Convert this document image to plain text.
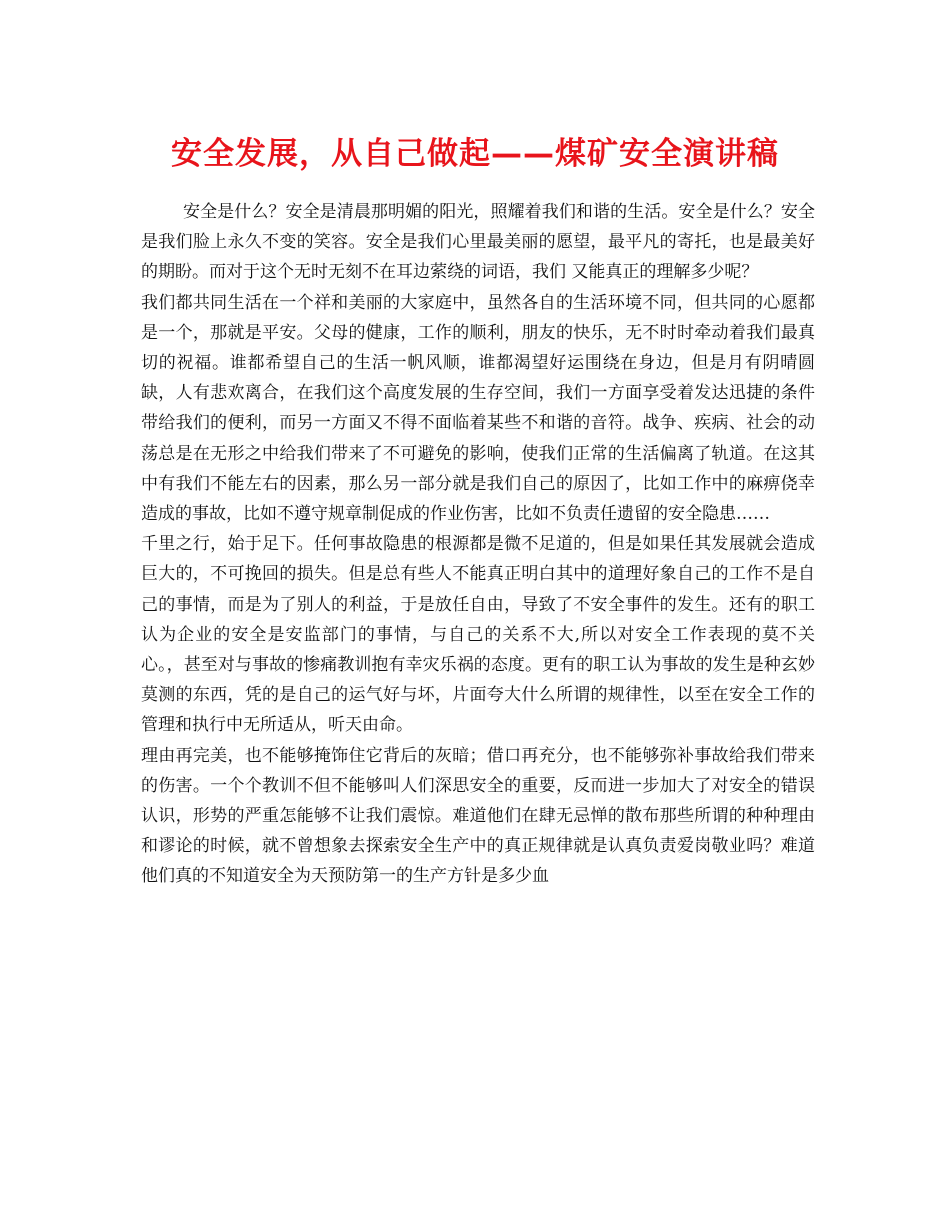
安全发展，从自己做起——煤矿安全演讲稿

安全是什么？安全是清晨那明媚的阳光，照耀着我们和谐的生活。安全是什么？安全是我们脸上永久不变的笑容。安全是我们心里最美丽的愿望，最平凡的寄托，也是最美好的期盼。而对于这个无时无刻不在耳边萦绕的词语，我们 又能真正的理解多少呢？

我们都共同生活在一个祥和美丽的大家庭中，虽然各自的生活环境不同，但共同的心愿都是一个，那就是平安。父母的健康，工作的顺利，朋友的快乐，无不时时牵动着我们最真切的祝福。谁都希望自己的生活一帆风顺，谁都渴望好运围绕在身边，但是月有阴晴圆缺，人有悲欢离合，在我们这个高度发展的生存空间，我们一方面享受着发达迅捷的条件带给我们的便利，而另一方面又不得不面临着某些不和谐的音符。战争、疾病、社会的动荡总是在无形之中给我们带来了不可避免的影响，使我们正常的生活偏离了轨道。在这其中有我们不能左右的因素，那么另一部分就是我们自己的原因了，比如工作中的麻痹侥幸造成的事故，比如不遵守规章制促成的作业伤害，比如不负责任遗留的安全隐患……

千里之行，始于足下。任何事故隐患的根源都是微不足道的，但是如果任其发展就会造成巨大的，不可挽回的损失。但是总有些人不能真正明白其中的道理好象自己的工作不是自己的事情，而是为了别人的利益，于是放任自由，导致了不安全事件的发生。还有的职工认为企业的安全是安监部门的事情，与自己的关系不大,所以对安全工作表现的莫不关心。，甚至对与事故的惨痛教训抱有幸灾乐祸的态度。更有的职工认为事故的发生是种玄妙莫测的东西，凭的是自己的运气好与坏，片面夸大什么所谓的规律性，以至在安全工作的管理和执行中无所适从，听天由命。

理由再完美，也不能够掩饰住它背后的灰暗；借口再充分，也不能够弥补事故给我们带来的伤害。一个个教训不但不能够叫人们深思安全的重要，反而进一步加大了对安全的错误认识，形势的严重怎能够不让我们震惊。难道他们在肆无忌惮的散布那些所谓的种种理由和谬论的时候，就不曾想象去探索安全生产中的真正规律就是认真负责爱岗敬业吗？难道他们真的不知道安全为天预防第一的生产方针是多少血
